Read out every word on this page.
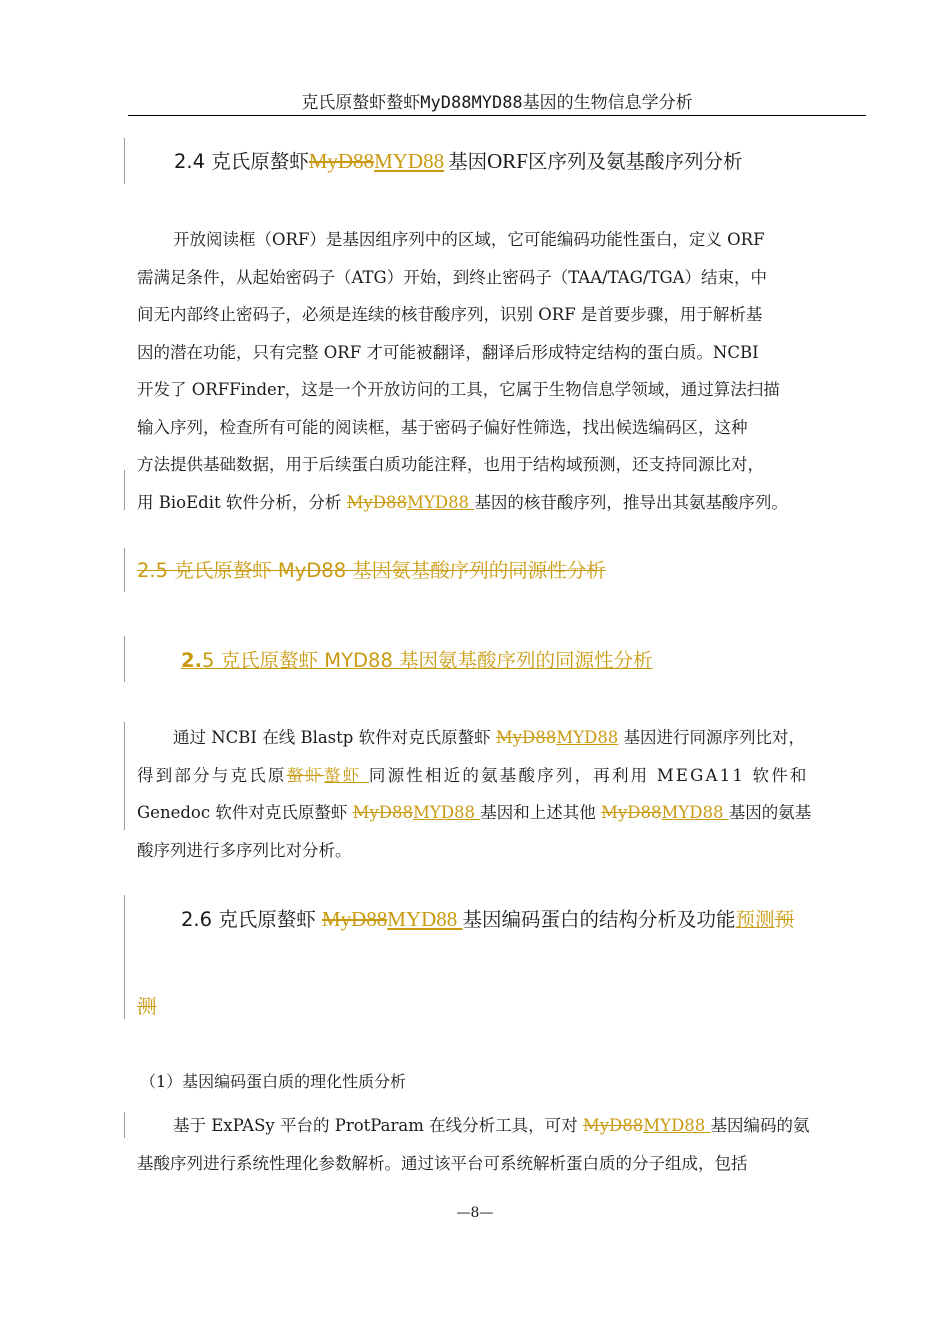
克氏原螯虾螯虾MyD88MYD88基因的生物信息学分析
2.4 克氏原螯虾MyD88MYD88 基因ORF区序列及氨基酸序列分析
开放阅读框（ORF）是基因组序列中的区域，它可能编码功能性蛋白，定义 ORF
需满足条件，从起始密码子（ATG）开始，到终止密码子（TAA/TAG/TGA）结束，中
间无内部终止密码子，必须是连续的核苷酸序列，识别 ORF 是首要步骤，用于解析基
因的潜在功能，只有完整 ORF 才可能被翻译，翻译后形成特定结构的蛋白质。NCBI
开发了 ORFFinder，这是一个开放访问的工具，它属于生物信息学领域，通过算法扫描
输入序列，检查所有可能的阅读框，基于密码子偏好性筛选，找出候选编码区，这种
方法提供基础数据，用于后续蛋白质功能注释，也用于结构域预测，还支持同源比对，
用 BioEdit 软件分析，分析 MyD88MYD88 基因的核苷酸序列，推导出其氨基酸序列。
2.5 克氏原螯虾 MyD88 基因氨基酸序列的同源性分析
2.5 克氏原螯虾 MYD88 基因氨基酸序列的同源性分析
通过 NCBI 在线 Blastp 软件对克氏原螯虾 MyD88MYD88 基因进行同源序列比对，
得到部分与克氏原螯虾螯虾 同源性相近的氨基酸序列，再利用 MEGA11 软件和
Genedoc 软件对克氏原螯虾 MyD88MYD88 基因和上述其他 MyD88MYD88 基因的氨基
酸序列进行多序列比对分析。
2.6 克氏原螯虾 MyD88MYD88 基因编码蛋白的结构分析及功能预测预
测
（1）基因编码蛋白质的理化性质分析
基于 ExPASy 平台的 ProtParam 在线分析工具，可对 MyD88MYD88 基因编码的氨
基酸序列进行系统性理化参数解析。通过该平台可系统解析蛋白质的分子组成，包括
—8—
